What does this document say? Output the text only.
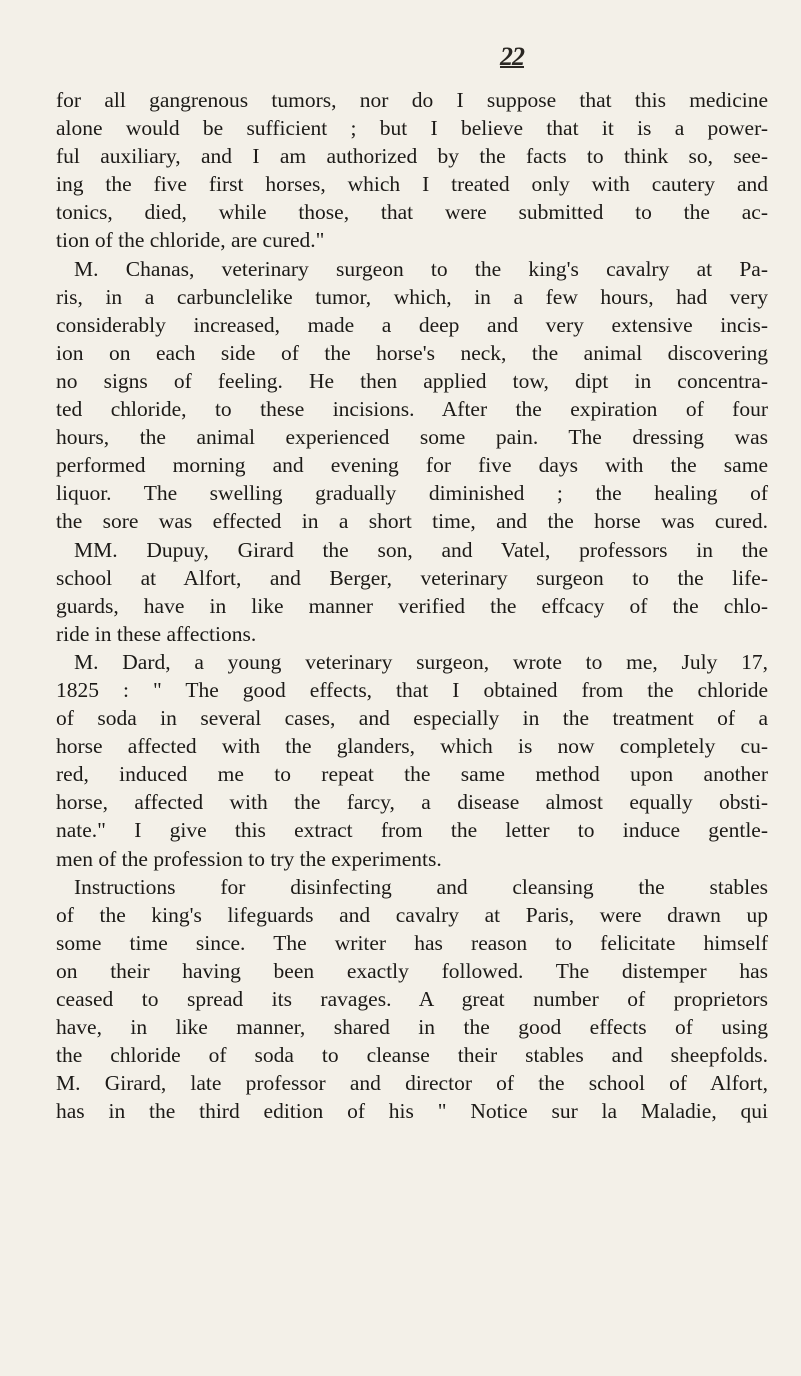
22
for all gangrenous tumors, nor do I suppose that this medicine
alone would be sufficient ; but I believe that it is a power-
ful auxiliary, and I am authorized by the facts to think so, see-
ing the five first horses, which I treated only with cautery and
tonics, died, while those, that were submitted to the ac-
tion of the chloride, are cured."
M. Chanas, veterinary surgeon to the king's cavalry at Pa-
ris, in a carbunclelike tumor, which, in a few hours, had very
considerably increased, made a deep and very extensive incis-
ion on each side of the horse's neck, the animal discovering
no signs of feeling. He then applied tow, dipt in concentra-
ted chloride, to these incisions. After the expiration of four
hours, the animal experienced some pain. The dressing was
performed morning and evening for five days with the same
liquor. The swelling gradually diminished ; the healing of
the sore was effected in a short time, and the horse was cured.
MM. Dupuy, Girard the son, and Vatel, professors in the
school at Alfort, and Berger, veterinary surgeon to the life-
guards, have in like manner verified the effcacy of the chlo-
ride in these affections.
M. Dard, a young veterinary surgeon, wrote to me, July 17,
1825 : " The good effects, that I obtained from the chloride
of soda in several cases, and especially in the treatment of a
horse affected with the glanders, which is now completely cu-
red, induced me to repeat the same method upon another
horse, affected with the farcy, a disease almost equally obsti-
nate." I give this extract from the letter to induce gentle-
men of the profession to try the experiments.
Instructions for disinfecting and cleansing the stables
of the king's lifeguards and cavalry at Paris, were drawn up
some time since. The writer has reason to felicitate himself
on their having been exactly followed. The distemper has
ceased to spread its ravages. A great number of proprietors
have, in like manner, shared in the good effects of using
the chloride of soda to cleanse their stables and sheepfolds.
M. Girard, late professor and director of the school of Alfort,
has in the third edition of his " Notice sur la Maladie, qui
